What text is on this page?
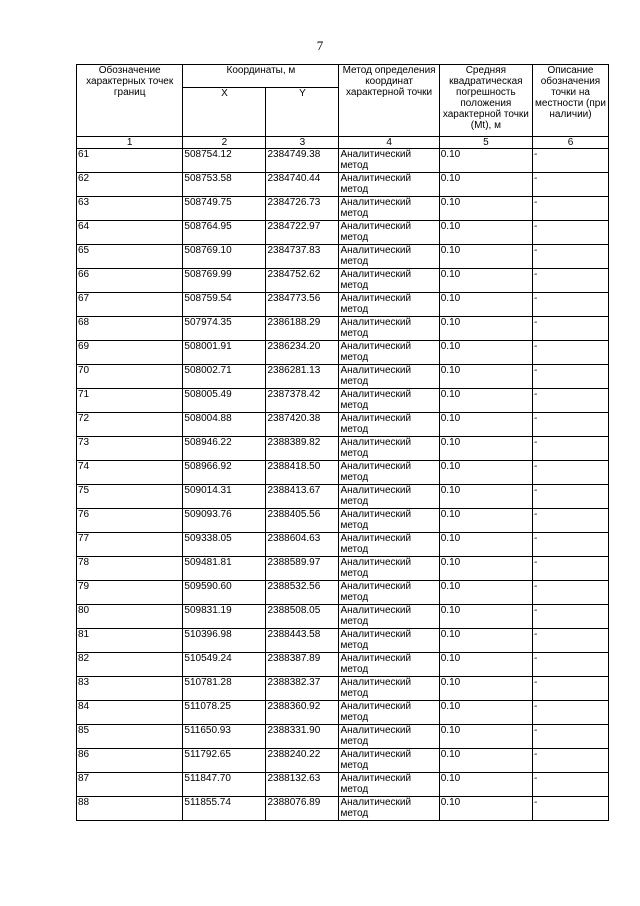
7
Обозначение характерных точек границ	Координаты, м		Метод определения координат характерной точки	Средняя квадратическая погрешность положения характерной точки (Mt), м	Описание обозначения точки на местности (при наличии)
	X	Y			
1	2	3	4	5	6
61	508754.12	2384749.38	Аналитический метод	0.10	-
62	508753.58	2384740.44	Аналитический метод	0.10	-
63	508749.75	2384726.73	Аналитический метод	0.10	-
64	508764.95	2384722.97	Аналитический метод	0.10	-
65	508769.10	2384737.83	Аналитический метод	0.10	-
66	508769.99	2384752.62	Аналитический метод	0.10	-
67	508759.54	2384773.56	Аналитический метод	0.10	-
68	507974.35	2386188.29	Аналитический метод	0.10	-
69	508001.91	2386234.20	Аналитический метод	0.10	-
70	508002.71	2386281.13	Аналитический метод	0.10	-
71	508005.49	2387378.42	Аналитический метод	0.10	-
72	508004.88	2387420.38	Аналитический метод	0.10	-
73	508946.22	2388389.82	Аналитический метод	0.10	-
74	508966.92	2388418.50	Аналитический метод	0.10	-
75	509014.31	2388413.67	Аналитический метод	0.10	-
76	509093.76	2388405.56	Аналитический метод	0.10	-
77	509338.05	2388604.63	Аналитический метод	0.10	-
78	509481.81	2388589.97	Аналитический метод	0.10	-
79	509590.60	2388532.56	Аналитический метод	0.10	-
80	509831.19	2388508.05	Аналитический метод	0.10	-
81	510396.98	2388443.58	Аналитический метод	0.10	-
82	510549.24	2388387.89	Аналитический метод	0.10	-
83	510781.28	2388382.37	Аналитический метод	0.10	-
84	511078.25	2388360.92	Аналитический метод	0.10	-
85	511650.93	2388331.90	Аналитический метод	0.10	-
86	511792.65	2388240.22	Аналитический метод	0.10	-
87	511847.70	2388132.63	Аналитический метод	0.10	-
88	511855.74	2388076.89	Аналитический метод	0.10	-
